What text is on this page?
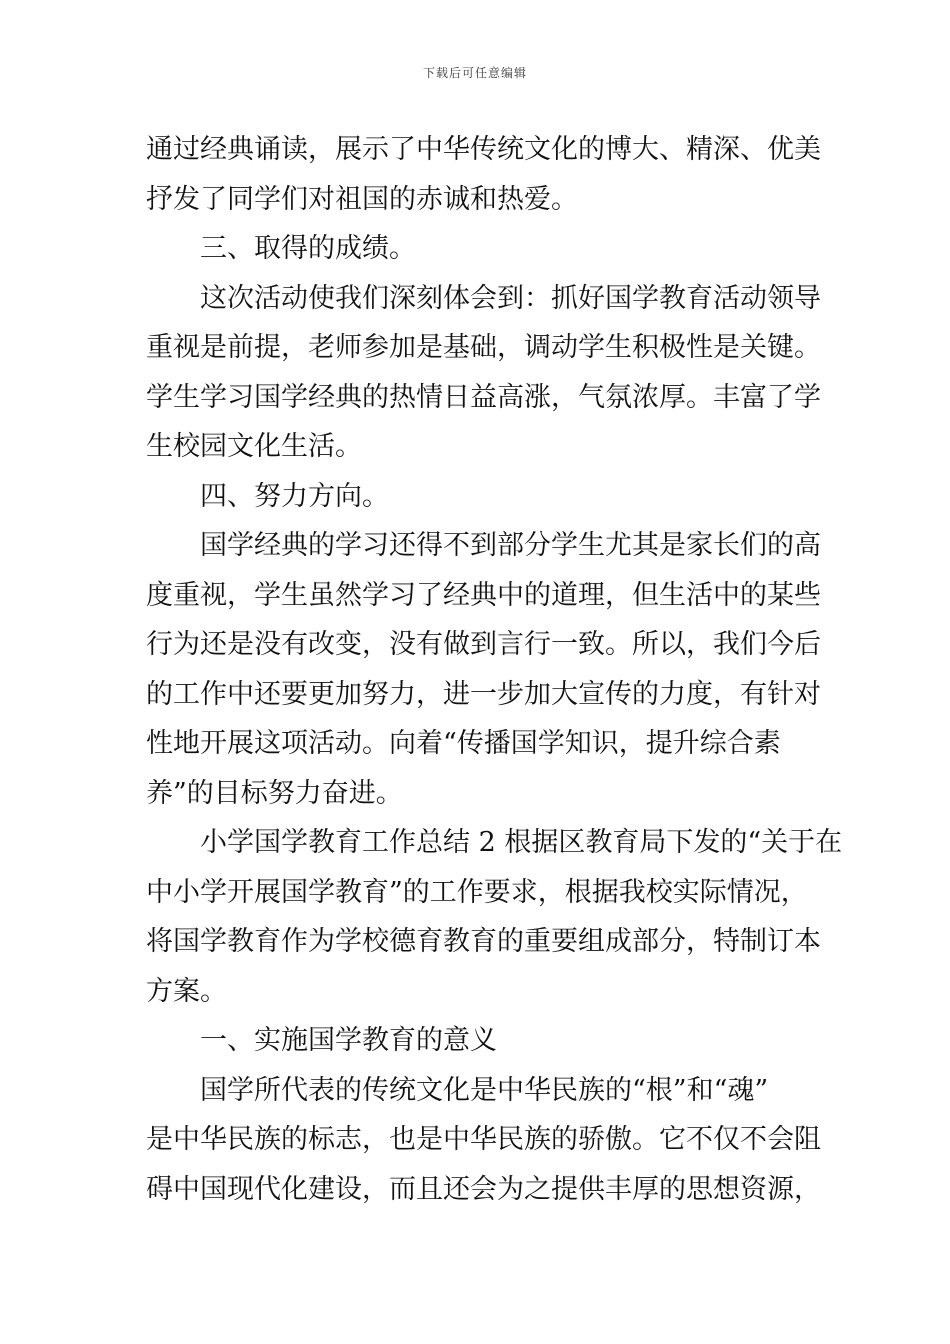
下载后可任意编辑
通过经典诵读，展示了中华传统文化的博大、精深、优美
抒发了同学们对祖国的赤诚和热爱。
三、取得的成绩。
这次活动使我们深刻体会到：抓好国学教育活动领导
重视是前提，老师参加是基础，调动学生积极性是关键。
学生学习国学经典的热情日益高涨，气氛浓厚。丰富了学
生校园文化生活。
四、努力方向。
国学经典的学习还得不到部分学生尤其是家长们的高
度重视，学生虽然学习了经典中的道理，但生活中的某些
行为还是没有改变，没有做到言行一致。所以，我们今后
的工作中还要更加努力，进一步加大宣传的力度，有针对
性地开展这项活动。向着“传播国学知识，提升综合素
养”的目标努力奋进。
小学国学教育工作总结 2 根据区教育局下发的“关于在
中小学开展国学教育”的工作要求，根据我校实际情况，
将国学教育作为学校德育教育的重要组成部分，特制订本
方案。
一、实施国学教育的意义
国学所代表的传统文化是中华民族的“根”和“魂”
是中华民族的标志，也是中华民族的骄傲。它不仅不会阻
碍中国现代化建设，而且还会为之提供丰厚的思想资源，
